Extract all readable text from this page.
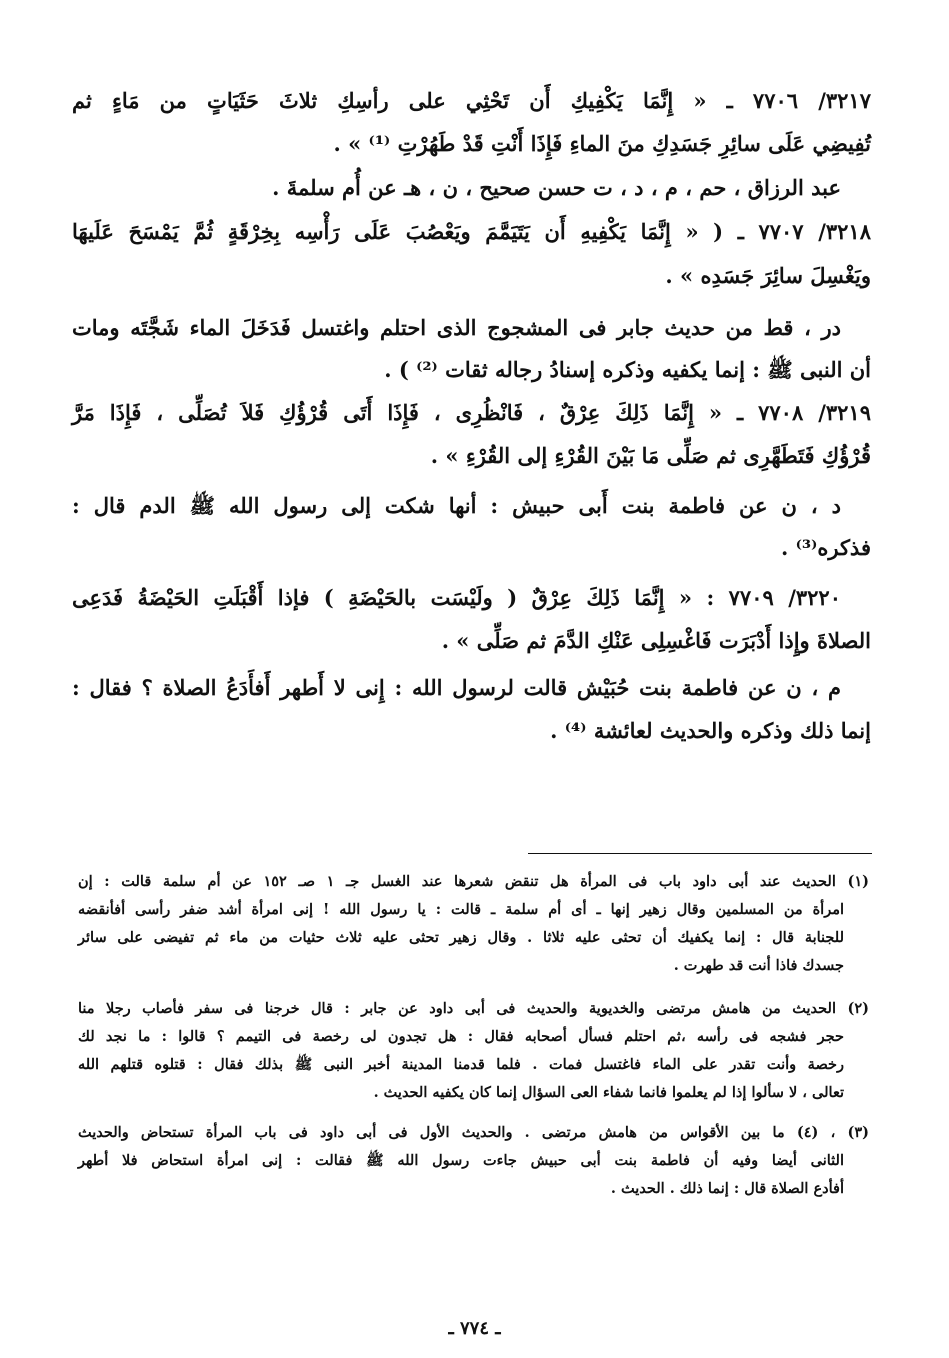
٣٢١٧/ ٧٧٠٦ ـ « إِنَّمَا يَكْفِيكِ أَن تَحْثِي على رأسِكِ ثلاثَ حَثَيَاتٍ من مَاءٍ ثم
تُفِيضِي عَلَى سائِرِ جَسَدِكِ منَ الماءِ فَإِذَا أَنْتِ قَدْ طَهُرْتِ ⁽¹⁾ » .
عبد الرزاق ، حم ، م ، د ، ت حسن صحيح ، ن ، هـ عن أُم سلمةَ .
٣٢١٨/ ٧٧٠٧ ـ ( « إِنَّمَا يَكْفِيهِ أَن يَتَيَمَّمَ ويَعْصُبَ عَلَى رَأْسِه بِخِرْقَةٍ ثُمَّ يَمْسَحَ عَلَيهَا
ويَغْسِلَ سائِرَ جَسَدِه » .
در ، قط من حديث جابر فى المشجوج الذى احتلم واغتسل فَدَخَلَ الماء شَجَّتَه ومات
أن النبى ﷺ : إنما يكفيه وذكره إسنادُ رجاله ثقات ⁽²⁾ ) .
٣٢١٩/ ٧٧٠٨ ـ « إِنَّمَا ذَلِكَ عِرْقٌ ، فَانْظُرِى ، فَإِذَا أَتَى قُرْؤُكِ فَلاَ تُصَلِّى ، فَإِذَا مَرَّ
قُرْؤُكِ فَتَطَهَّرِى ثم صَلِّى مَا بَيْنَ القُرْءِ إلى القُرْءِ » .
د ، ن عن فاطمة بنت أَبى حبيش : أنها شكت إلى رسول الله ﷺ الدم قال :
فذكره⁽³⁾ .
٣٢٢٠/ ٧٧٠٩ : « إِنَّمَا ذَلِكَ عِرْقٌ ( ولَيْسَت بالحَيْضَةِ ) فإذا أَقْبَلَتِ الحَيْضَةُ فَدَعِى
الصلاةَ وإِذا أَدْبَرَت فَاغْسِلِى عَنْكِ الدَّمَ ثم صَلِّى » .
م ، ن عن فاطمة بنت حُبَيْش قالت لرسول الله : إِنى لا أَطهر أَفأَدَعُ الصلاة ؟ فقال :
إنما ذلك وذكره والحديث لعائشة ⁽⁴⁾ .
(١) الحديث عند أبى داود باب فى المرأة هل تنقض شعرها عند الغسل جـ ١ صـ ١٥٢ عن أم سلمة قالت : إن
امرأة من المسلمين وقال زهير إنها ـ أى أم سلمة ـ قالت : يا رسول الله ! إنى امرأة أشد ضفر رأسى أفأنقضه
للجنابة قال : إنما يكفيك أن تحثى عليه ثلاثا . وقال زهير تحثى عليه ثلاث حثيات من ماء ثم تفيضى على سائر
جسدك فاذا أنت قد طهرت .
(٢) الحديث من هامش مرتضى والخديوية والحديث فى أبى داود عن جابر : قال خرجنا فى سفر فأصاب رجلا منا
حجر فشجه فى رأسه ،ثم احتلم فسأل أصحابه فقال : هل تجدون لى رخصة فى التيمم ؟ قالوا : ما نجد لك
رخصة وأنت تقدر على الماء فاغتسل فمات . فلما قدمنا المدينة أخبر النبى ﷺ بذلك فقال : قتلوه قتلهم الله
تعالى ، لا سألوا إذا لم يعلموا فانما شفاء العى السؤال إنما كان يكفيه الحديث .
(٣) ، (٤) ما بين الأقواس من هامش مرتضى . والحديث الأول فى أبى داود فى باب المرأة تستحاض والحديث
الثانى أيضا وفيه أن فاطمة بنت أبى حبيش جاءت رسول الله ﷺ فقالت : إنى امرأة استحاض فلا أطهر
أفأدع الصلاة قال : إنما ذلك . الحديث .
ـ ٧٧٤ ـ
